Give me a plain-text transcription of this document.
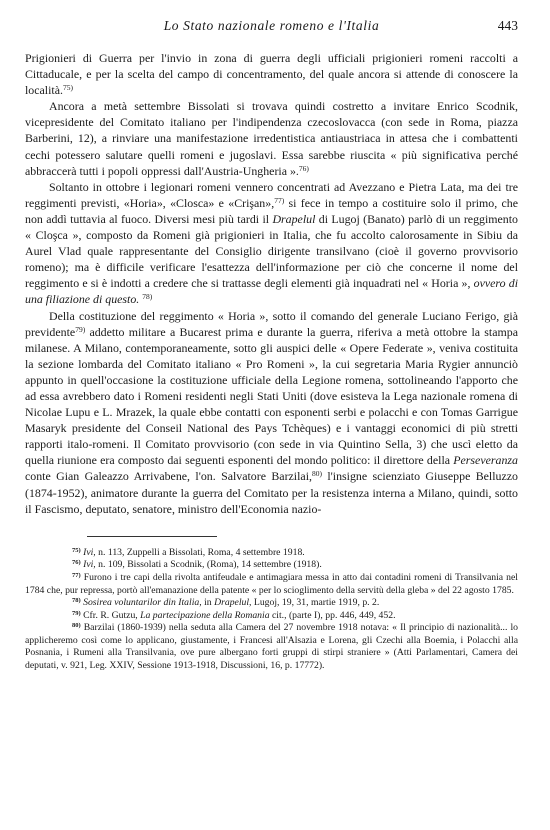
Lo Stato nazionale romeno e l'Italia	443

Prigionieri di Guerra per l'invio in zona di guerra degli ufficiali prigionieri romeni raccolti a Cittaducale, e per la scelta del campo di concentramento, del quale ancora si attende di conoscere la località.$^{75)}$

Ancora a metà settembre Bissolati si trovava quindi costretto a invitare Enrico Scodnik, vicepresidente del Comitato italiano per l'indipendenza czecoslovacca (con sede in Roma, piazza Barberini, 12), a rinviare una manifestazione irredentistica antiaustriaca in attesa che i combattenti cechi potessero salutare quelli romeni e jugoslavi. Essa sarebbe riuscita « più significativa perché abbraccerà tutti i popoli oppressi dall'Austria-Ungheria ».$^{76)}$

Soltanto in ottobre i legionari romeni vennero concentrati ad Avezzano e Pietra Lata, ma dei tre reggimenti previsti, «Horia», «Closca» e «Crişan»,$^{77)}$ si fece in tempo a costituire solo il primo, che non addì tuttavia al fuoco. Diversi mesi più tardi il Drapelul di Lugoj (Banato) parlò di un reggimento « Cloşca », composto da Romeni già prigionieri in Italia, che fu accolto calorosamente in Sibiu da Aurel Vlad quale rappresentante del Consiglio dirigente transilvano (cioè il governo provvisorio romeno); ma è difficile verificare l'esattezza dell'informazione per ciò che concerne il nome del reggimento e si è indotti a credere che si trattasse degli elementi già inquadrati nel « Horia », ovvero di una filiazione di questo. $^{78)}$

Della costituzione del reggimento « Horia », sotto il comando del generale Luciano Ferigo, già previdente$^{79)}$ addetto militare a Bucarest prima e durante la guerra, riferiva a metà ottobre la stampa milanese. A Milano, contemporaneamente, sotto gli auspici delle « Opere Federate », veniva costituita la sezione lombarda del Comitato italiano « Pro Romeni », la cui segretaria Maria Rygier annunciò appunto in quell'occasione la costituzione ufficiale della Legione romena, sottolineando l'apporto che ad essa avrebbero dato i Romeni residenti negli Stati Uniti (dove esisteva la Lega nazionale romena di Nicolae Lupu e L. Mrazek, la quale ebbe contatti con esponenti serbi e polacchi e con Tomas Garrigue Masaryk presidente del Conseil National des Pays Tchèques) e i vantaggi economici di più stretti rapporti italo-romeni. Il Comitato provvisorio (con sede in via Quintino Sella, 3) che uscì eletto da quella riunione era composto dai seguenti esponenti del mondo politico: il direttore della Perseveranza conte Gian Galeazzo Arrivabene, l'on. Salvatore Barzilai,$^{80)}$ l'insigne scienziato Giuseppe Belluzzo (1874-1952), animatore durante la guerra del Comitato per la resistenza interna a Milano, quindi, sotto il Fascismo, deputato, senatore, ministro dell'Economia nazio-

$^{75)}$ Ivi, n. 113, Zuppelli a Bissolati, Roma, 4 settembre 1918.

$^{76)}$ Ivi, n. 109, Bissolati a Scodnik, (Roma), 14 settembre (1918).

$^{77)}$ Furono i tre capi della rivolta antifeudale e antimagiara messa in atto dai contadini romeni di Transilvania nel 1784 che, pur repressa, portò all'emanazione della patente « per lo scioglimento della servitù della gleba » del 22 agosto 1785.

$^{78)}$ Sosirea voluntarilor din Italia, in Drapelul, Lugoj, 19, 31, martie 1919, p. 2.

$^{79)}$ Cfr. R. Gutzu, La partecipazione della Romania cit., (parte I), pp. 446, 449, 452.

$^{80)}$ Barzilai (1860-1939) nella seduta alla Camera del 27 novembre 1918 notava: « Il principio di nazionalità... lo applicheremo così come lo applicano, giustamente, i Francesi all'Alsazia e Lorena, gli Czechi alla Boemia, i Polacchi alla Posnania, i Rumeni alla Transilvania, ove pure albergano forti gruppi di stirpi straniere » (Atti Parlamentari, Camera dei deputati, v. 921, Leg. XXIV, Sessione 1913-1918, Discussioni, 16, p. 17772).
